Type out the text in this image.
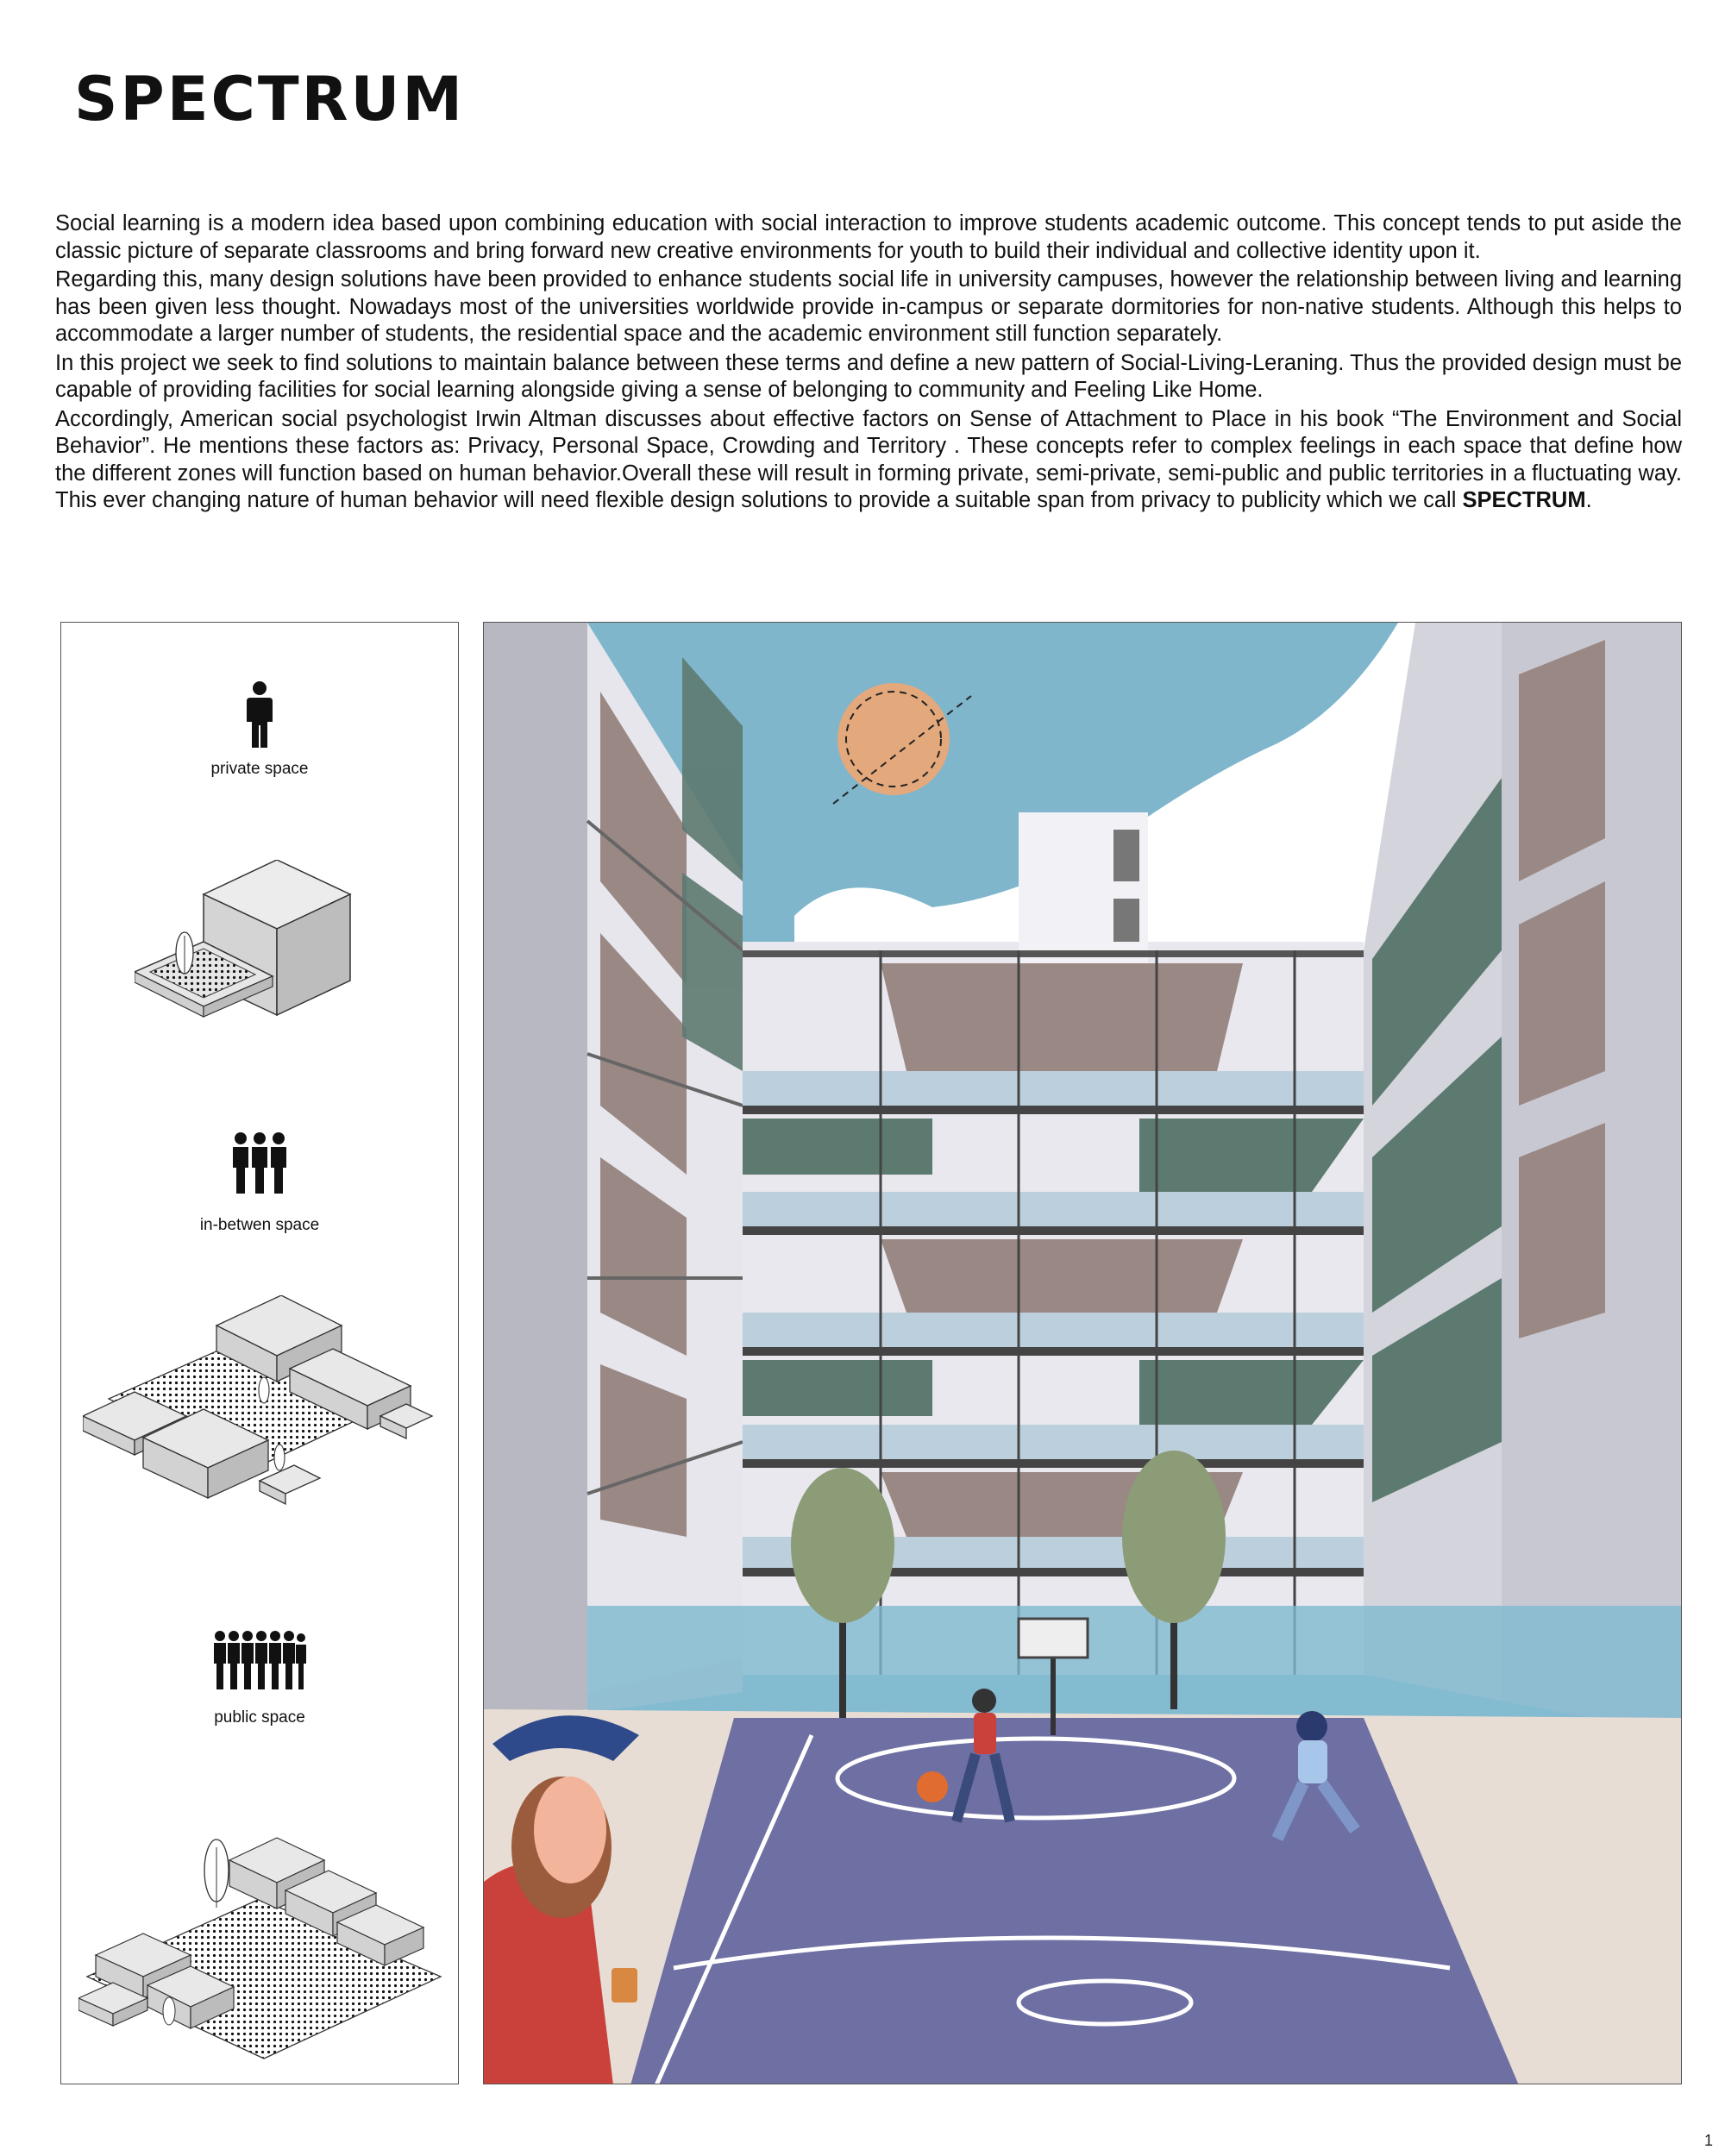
SPECTRUM

Social learning is a modern idea based upon combining education with social interaction to improve students academic outcome. This concept tends to put aside the classic picture of separate classrooms and bring forward new creative environments for youth to build their individual and collective identity upon it.

Regarding this, many design solutions have been provided to enhance students social life in university campuses, however the relationship between living and learning has been given less thought. Nowadays most of the universities worldwide provide in-campus or separate dormitories for non-native students. Although this helps to accommodate a larger number of students, the residential space and the academic environment still function separately.

In this project we seek to find solutions to maintain balance between these terms and define a new pattern of Social-Living-Leraning. Thus the provided design must be capable of providing facilities for social learning alongside giving a sense of belonging to community and Feeling Like Home.

Accordingly, American social psychologist Irwin Altman discusses about effective factors on Sense of Attachment to Place in his book “The Environment and Social Behavior”. He mentions these factors as: Privacy, Personal Space, Crowding and Territory . These concepts refer to complex feelings in each space that define how the different zones will function based on human behavior.Overall these will result in forming private, semi-private, semi-public and public territories in a fluctuating way. This ever changing nature of human behavior will need flexible design solutions to provide a suitable span from privacy to publicity which we call SPECTRUM.

private space
in-betwen space
public space
1
